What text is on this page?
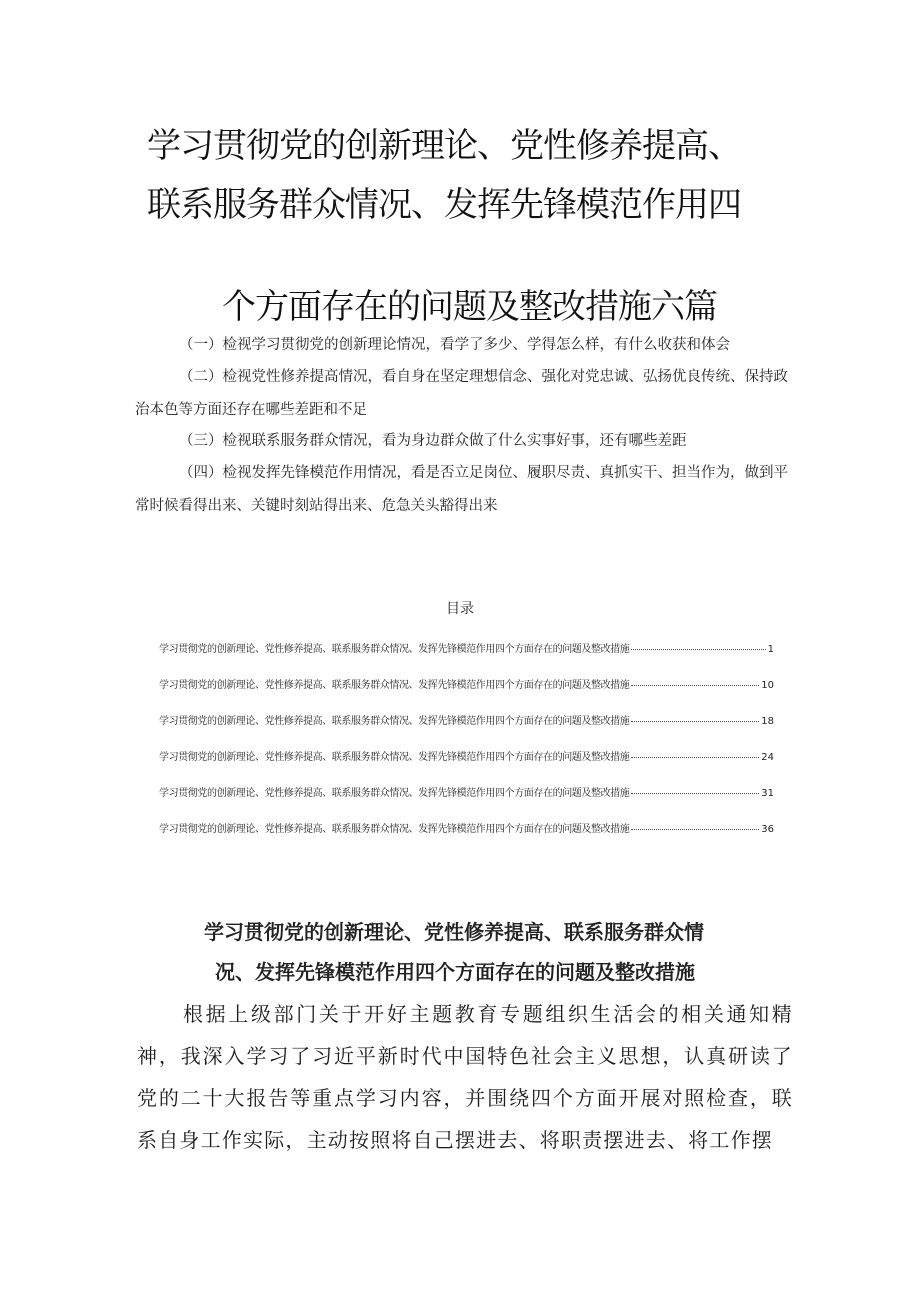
学习贯彻党的创新理论、党性修养提高、
联系服务群众情况、发挥先锋模范作用四
个方面存在的问题及整改措施六篇

（一）检视学习贯彻党的创新理论情况，看学了多少、学得怎么样，有什么收获和体会

（二）检视党性修养提高情况，看自身在坚定理想信念、强化对党忠诚、弘扬优良传统、保持政治本色等方面还存在哪些差距和不足

（三）检视联系服务群众情况，看为身边群众做了什么实事好事，还有哪些差距

（四）检视发挥先锋模范作用情况，看是否立足岗位、履职尽责、真抓实干、担当作为，做到平常时候看得出来、关键时刻站得出来、危急关头豁得出来

目录
学习贯彻党的创新理论、党性修养提高、联系服务群众情况、发挥先锋模范作用四个方面存在的问题及整改措施	1
学习贯彻党的创新理论、党性修养提高、联系服务群众情况、发挥先锋模范作用四个方面存在的问题及整改措施	10
学习贯彻党的创新理论、党性修养提高、联系服务群众情况、发挥先锋模范作用四个方面存在的问题及整改措施	18
学习贯彻党的创新理论、党性修养提高、联系服务群众情况、发挥先锋模范作用四个方面存在的问题及整改措施	24
学习贯彻党的创新理论、党性修养提高、联系服务群众情况、发挥先锋模范作用四个方面存在的问题及整改措施	31
学习贯彻党的创新理论、党性修养提高、联系服务群众情况、发挥先锋模范作用四个方面存在的问题及整改措施	36
学习贯彻党的创新理论、党性修养提高、联系服务群众情
况、发挥先锋模范作用四个方面存在的问题及整改措施

根据上级部门关于开好主题教育专题组织生活会的相关通知精神，我深入学习了习近平新时代中国特色社会主义思想，认真研读了党的二十大报告等重点学习内容，并围绕四个方面开展对照检查，联系自身工作实际，主动按照将自己摆进去、将职责摆进去、将工作摆
